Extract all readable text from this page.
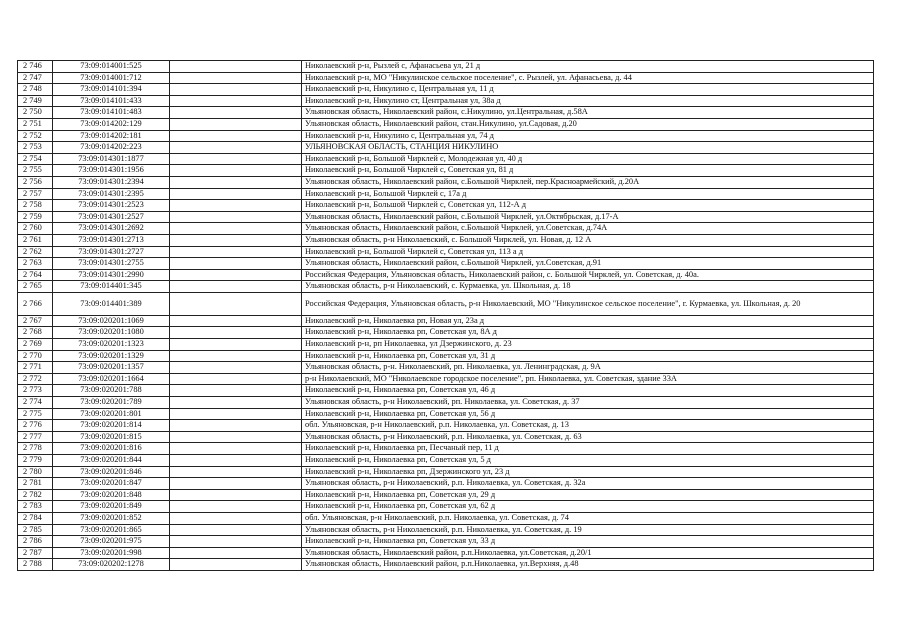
2 746	73:09:014001:525		Николаевский р-н, Рызлей с, Афанасьева ул, 21 д
2 747	73:09:014001:712		Николаевский р-н, МО "Никулинское сельское поселение", с. Рызлей, ул. Афанасьева, д. 44
2 748	73:09:014101:394		Николаевский р-н, Никулино с, Центральная ул, 11 д
2 749	73:09:014101:433		Николаевский р-н, Никулино ст, Центральная ул, 38а д
2 750	73:09:014101:483		Ульяновская область, Николаевский район, с.Никулино, ул.Центральная, д.58А
2 751	73:09:014202:129		Ульяновская область, Николаевский район, стан.Никулино, ул.Садовая, д.20
2 752	73:09:014202:181		Николаевский р-н, Никулино с, Центральная ул, 74 д
2 753	73:09:014202:223		УЛЬЯНОВСКАЯ ОБЛАСТЬ, СТАНЦИЯ НИКУЛИНО
2 754	73:09:014301:1877		Николаевский р-н, Большой Чирклей с, Молодежная ул, 40 д
2 755	73:09:014301:1956		Николаевский р-н, Большой Чирклей с, Советская ул, 81 д
2 756	73:09:014301:2394		Ульяновская область, Николаевский район, с.Большой Чирклей, пер.Красноармейский, д.20А
2 757	73:09:014301:2395		Николаевский р-н, Большой Чирклей с, 17а д
2 758	73:09:014301:2523		Николаевский р-н, Большой Чирклей с, Советская ул, 112-А д
2 759	73:09:014301:2527		Ульяновская область, Николаевский район, с.Большой Чирклей, ул.Октябрьская, д.17-А
2 760	73:09:014301:2692		Ульяновская область, Николаевский район, с.Большой Чирклей, ул.Советская, д.74А
2 761	73:09:014301:2713		Ульяновская область, р-н Николаевский, с. Большой Чирклей, ул. Новая, д. 12 А
2 762	73:09:014301:2727		Николаевский р-н, Большой Чирклей с, Советская ул, 113 а д
2 763	73:09:014301:2755		Ульяновская область, Николаевский район, с.Большой Чирклей, ул.Советская, д.91
2 764	73:09:014301:2990		Российская Федерация, Ульяновская область, Николаевский район, с. Большой Чирклей, ул. Советская, д. 40а.
2 765	73:09:014401:345		Ульяновская область, р-н Николаевский, с. Курмаевка, ул. Школьная, д. 18
2 766	73:09:014401:389		Российская Федерация, Ульяновская область, р-н Николаевский, МО "Никулинское сельское поселение", г. Курмаевка, ул. Школьная, д. 20
2 767	73:09:020201:1069		Николаевский р-н, Николаевка рп, Новая ул, 23а д
2 768	73:09:020201:1080		Николаевский р-н, Николаевка рп, Советская ул, 8А д
2 769	73:09:020201:1323		Николаевский р-н, рп Николаевка, ул Дзержинского, д. 23
2 770	73:09:020201:1329		Николаевский р-н, Николаевка рп, Советская ул, 31 д
2 771	73:09:020201:1357		Ульяновская область, р-н. Николаевский, рп. Николаевка, ул. Ленинградская, д. 9А
2 772	73:09:020201:1664		р-н Николаевский, МО "Николаевское городское поселение", рп. Николаевка, ул. Советская, здание 33А
2 773	73:09:020201:788		Николаевский р-н, Николаевка рп, Советская ул, 46 д
2 774	73:09:020201:789		Ульяновская область, р-н Николаевский, рп. Николаевка, ул. Советская, д. 37
2 775	73:09:020201:801		Николаевский р-н, Николаевка рп, Советская ул, 56 д
2 776	73:09:020201:814		обл. Ульяновская, р-н Николаевский, р.п. Николаевка, ул. Советская, д. 13
2 777	73:09:020201:815		Ульяновская область, р-н Николаевский, р.п. Николаевка, ул. Советская, д. 63
2 778	73:09:020201:816		Николаевский р-н, Николаевка рп, Песчаный пер, 11 д
2 779	73:09:020201:844		Николаевский р-н, Николаевка рп, Советская ул, 5 д
2 780	73:09:020201:846		Николаевский р-н, Николаевка рп, Дзержинского ул, 23 д
2 781	73:09:020201:847		Ульяновская область, р-н Николаевский, р.п. Николаевка, ул. Советская, д. 32а
2 782	73:09:020201:848		Николаевский р-н, Николаевка рп, Советская ул, 29 д
2 783	73:09:020201:849		Николаевский р-н, Николаевка рп, Советская ул, 62 д
2 784	73:09:020201:852		обл. Ульяновская, р-н Николаевский, р.п. Николаевка, ул. Советская, д. 74
2 785	73:09:020201:865		Ульяновская область, р-н Николаевский, р.п. Николаевка, ул. Советская, д. 19
2 786	73:09:020201:975		Николаевский р-н, Николаевка рп, Советская ул, 33 д
2 787	73:09:020201:998		Ульяновская область, Николаевский район, р.п.Николаевка, ул.Советская, д.20/1
2 788	73:09:020202:1278		Ульяновская область, Николаевский район, р.п.Николаевка, ул.Верхняя, д.48
